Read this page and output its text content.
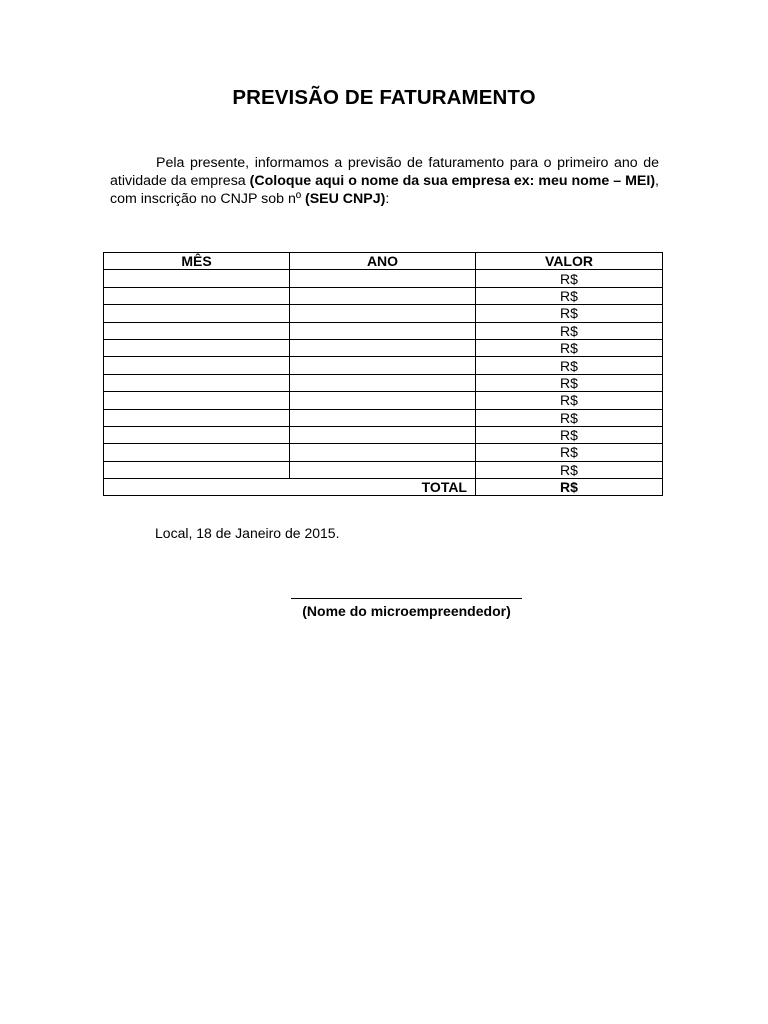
PREVISÃO DE FATURAMENTO

Pela presente, informamos a previsão de faturamento para o primeiro ano de atividade da empresa (Coloque aqui o nome da sua empresa ex: meu nome – MEI), com inscrição no CNJP sob nº (SEU CNPJ):

MÊS	ANO	VALOR
		R$
		R$
		R$
		R$
		R$
		R$
		R$
		R$
		R$
		R$
		R$
		R$
TOTAL		R$
Local, 18 de Janeiro de 2015.
(Nome do microempreendedor)
